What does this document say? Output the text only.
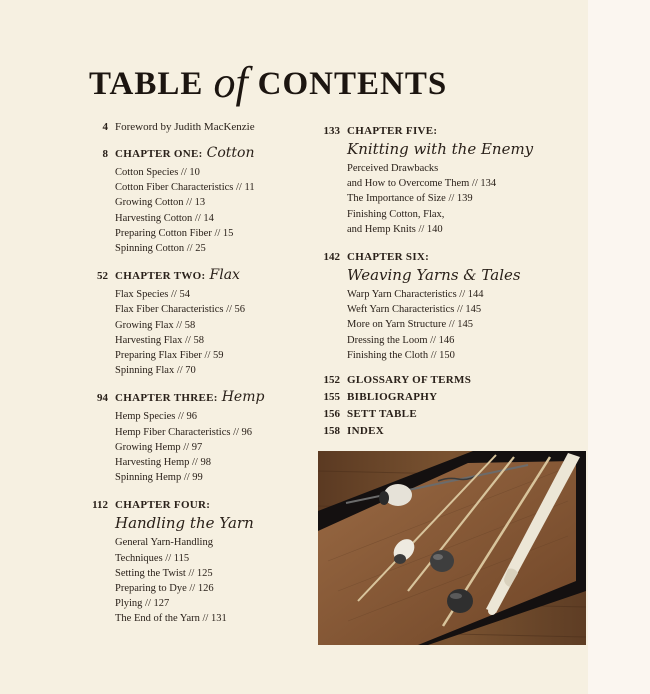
TABLE of CONTENTS
4 Foreword by Judith MacKenzie
8 CHAPTER ONE: Cotton
Cotton Species // 10
Cotton Fiber Characteristics // 11
Growing Cotton // 13
Harvesting Cotton // 14
Preparing Cotton Fiber // 15
Spinning Cotton // 25
52 CHAPTER TWO: Flax
Flax Species // 54
Flax Fiber Characteristics // 56
Growing Flax // 58
Harvesting Flax // 58
Preparing Flax Fiber // 59
Spinning Flax // 70
94 CHAPTER THREE: Hemp
Hemp Species // 96
Hemp Fiber Characteristics // 96
Growing Hemp // 97
Harvesting Hemp // 98
Spinning Hemp // 99
112 CHAPTER FOUR:
Handling the Yarn
General Yarn-Handling
Techniques // 115
Setting the Twist // 125
Preparing to Dye // 126
Plying // 127
The End of the Yarn // 131
133 CHAPTER FIVE:
Knitting with the Enemy
Perceived Drawbacks
and How to Overcome Them // 134
The Importance of Size // 139
Finishing Cotton, Flax,
and Hemp Knits // 140
142 CHAPTER SIX:
Weaving Yarns & Tales
Warp Yarn Characteristics // 144
Weft Yarn Characteristics // 145
More on Yarn Structure // 145
Dressing the Loom // 146
Finishing the Cloth // 150
152 GLOSSARY OF TERMS
155 BIBLIOGRAPHY
156 SETT TABLE
158 INDEX
